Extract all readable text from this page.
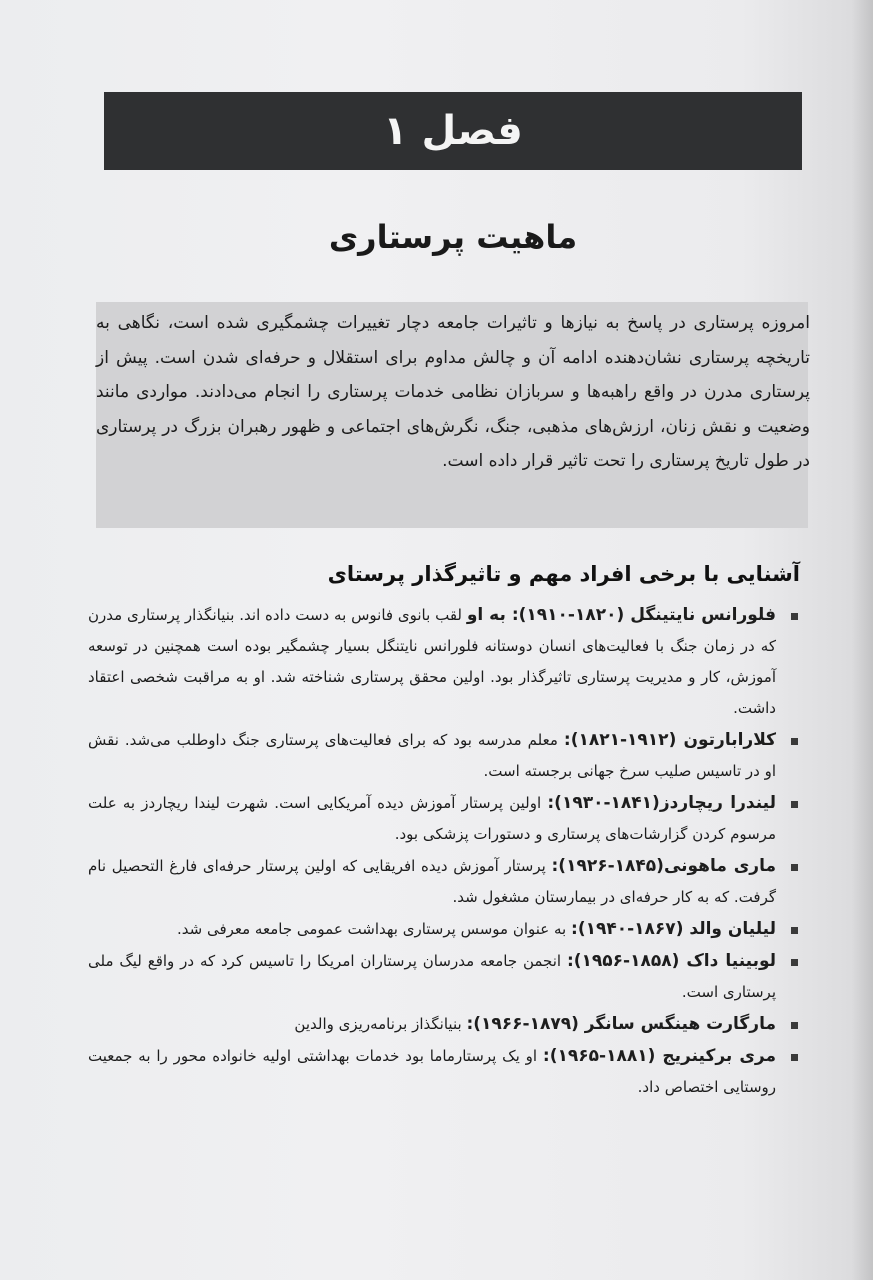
فصل ۱
ماهیت پرستاری

امروزه پرستاری در پاسخ به نیازها و تاثیرات جامعه دچار تغییرات چشمگیری شده است، نگاهی به تاریخچه پرستاری نشان‌دهنده ادامه آن و چالش مداوم برای استقلال و حرفه‌ای شدن است. پیش از پرستاری مدرن در واقع راهبه‌ها و سربازان نظامی خدمات پرستاری را انجام می‌دادند. مواردی مانند وضعیت و نقش زنان، ارزش‌های مذهبی، جنگ، نگرش‌های اجتماعی و ظهور رهبران بزرگ در پرستاری در طول تاریخ پرستاری را تحت تاثیر قرار داده است.

آشنایی با برخی افراد مهم و تاثیرگذار پرستای
فلورانس نایتینگل (۱۸۲۰-۱۹۱۰): به او لقب بانوی فانوس به دست داده اند. بنیانگذار پرستاری مدرن که در زمان جنگ با فعالیت‌های انسان دوستانه فلورانس نایتنگل بسیار چشمگیر بوده است همچنین در توسعه آموزش، کار و مدیریت پرستاری تاثیرگذار بود. اولین محقق پرستاری شناخته شد. او به مراقبت شخصی اعتقاد داشت.
کلارابارتون (۱۹۱۲-۱۸۲۱): معلم مدرسه بود که برای فعالیت‌های پرستاری جنگ داوطلب می‌شد. نقش او در تاسیس صلیب سرخ جهانی برجسته است.
لیندرا ریچاردز(۱۸۴۱-۱۹۳۰): اولین پرستار آموزش دیده آمریکایی است. شهرت لیندا ریچاردز به علت مرسوم کردن گزارشات‌های پرستاری و دستورات پزشکی بود.
ماری ماهونی(۱۸۴۵-۱۹۲۶): پرستار آموزش دیده افریقایی که اولین پرستار حرفه‌ای فارغ التحصیل نام گرفت. که به کار حرفه‌ای در بیمارستان مشغول شد.
لیلیان والد (۱۸۶۷-۱۹۴۰): به عنوان موسس پرستاری بهداشت عمومی جامعه معرفی شد.
لوبینیا داک (۱۸۵۸-۱۹۵۶): انجمن جامعه مدرسان پرستاران امریکا را تاسیس کرد که در واقع لیگ ملی پرستاری است.
مارگارت هینگس سانگر (۱۸۷۹-۱۹۶۶): بنیانگذاز برنامه‌ریزی والدین
مری برکینریج (۱۸۸۱-۱۹۶۵): او یک پرستارماما بود خدمات بهداشتی اولیه خانواده محور را به جمعیت روستایی اختصاص داد.
